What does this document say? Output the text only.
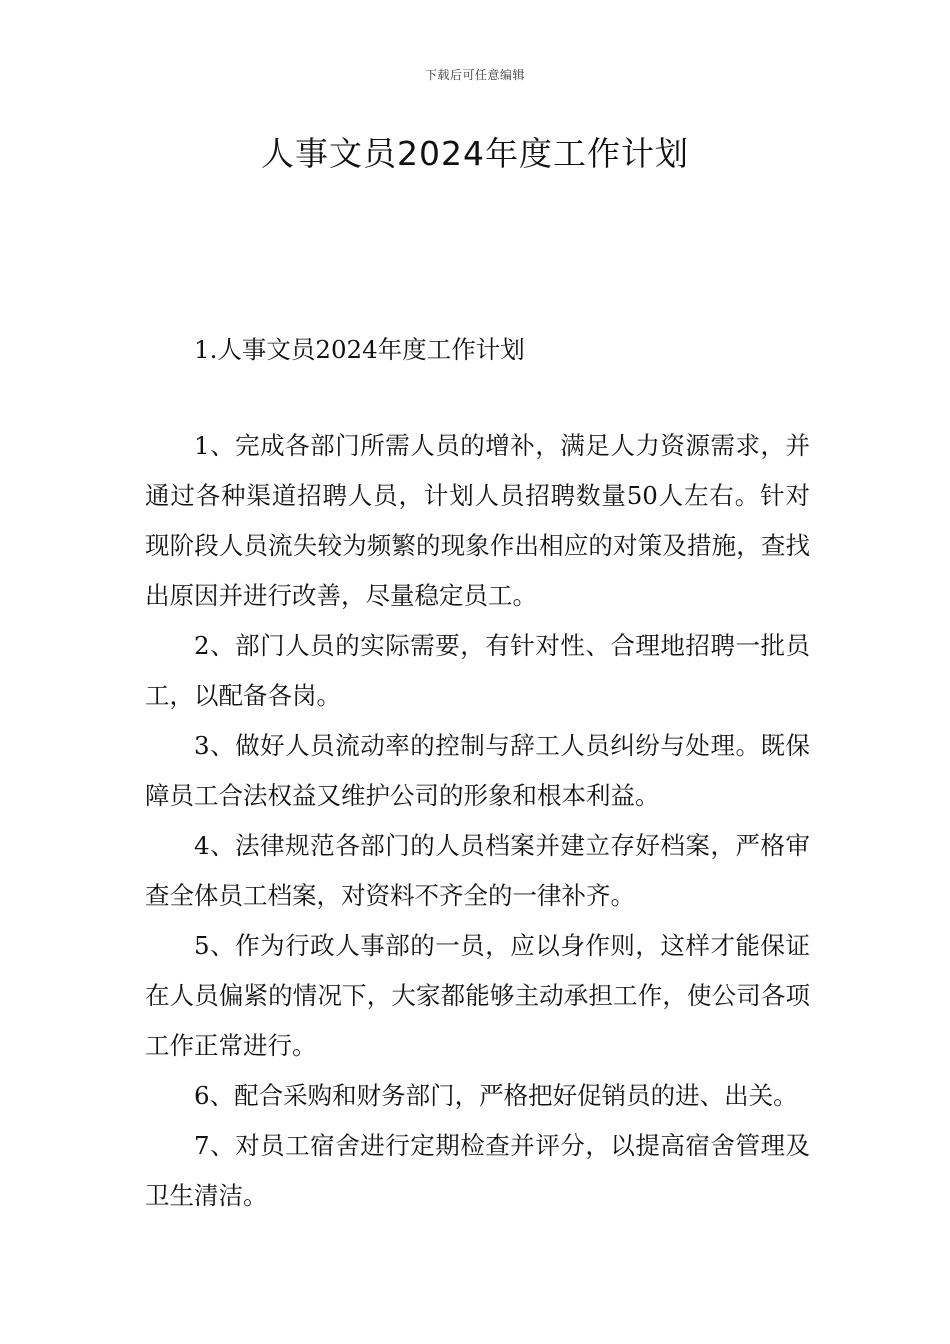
下载后可任意编辑
人事文员2024年度工作计划

1.人事文员2024年度工作计划

1、完成各部门所需人员的增补，满足人力资源需求，并通过各种渠道招聘人员，计划人员招聘数量50人左右。针对现阶段人员流失较为频繁的现象作出相应的对策及措施，查找出原因并进行改善，尽量稳定员工。

2、部门人员的实际需要，有针对性、合理地招聘一批员工，以配备各岗。

3、做好人员流动率的控制与辞工人员纠纷与处理。既保障员工合法权益又维护公司的形象和根本利益。

4、法律规范各部门的人员档案并建立存好档案，严格审查全体员工档案，对资料不齐全的一律补齐。

5、作为行政人事部的一员，应以身作则，这样才能保证在人员偏紧的情况下，大家都能够主动承担工作，使公司各项工作正常进行。

6、配合采购和财务部门，严格把好促销员的进、出关。

7、对员工宿舍进行定期检查并评分，以提高宿舍管理及卫生清洁。
